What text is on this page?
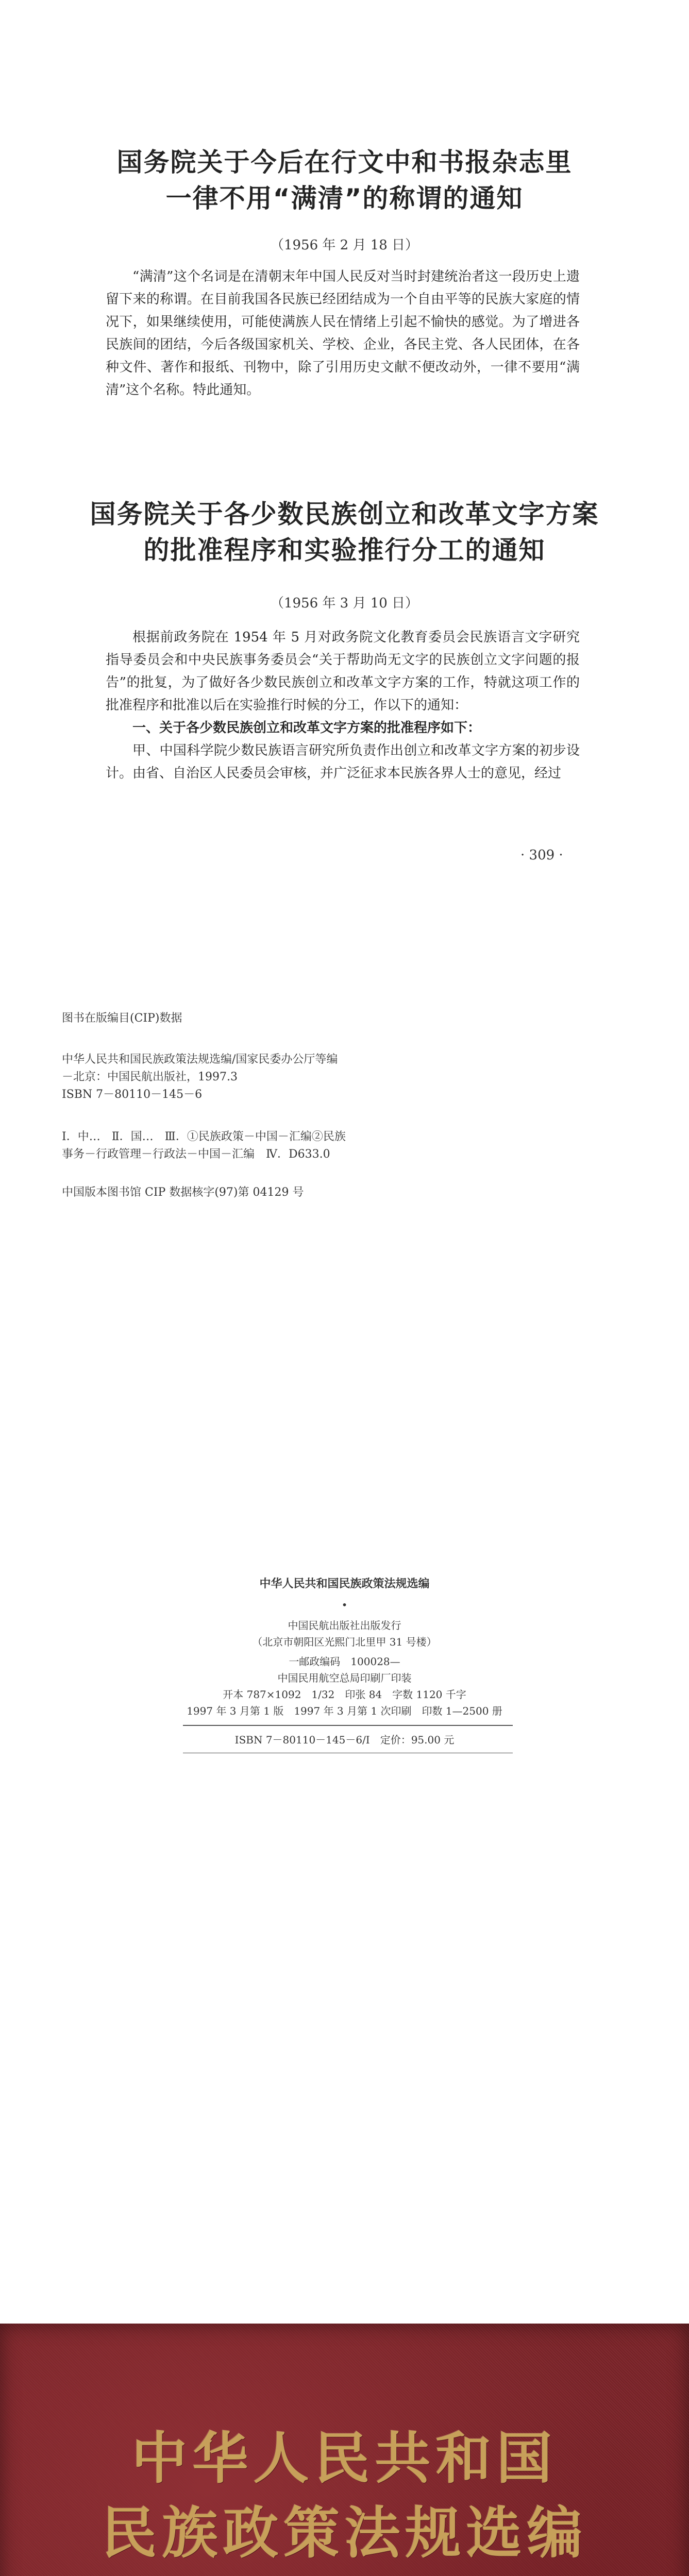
国务院关于今后在行文中和书报杂志里
一律不用“满清”的称谓的通知
（1956 年 2 月 18 日）

“满清”这个名词是在清朝末年中国人民反对当时封建统治者这一段历史上遗留下来的称谓。在目前我国各民族已经团结成为一个自由平等的民族大家庭的情况下，如果继续使用，可能使满族人民在情绪上引起不愉快的感觉。为了增进各民族间的团结，今后各级国家机关、学校、企业，各民主党、各人民团体，在各种文件、著作和报纸、刊物中，除了引用历史文献不便改动外，一律不要用“满清”这个名称。特此通知。

国务院关于各少数民族创立和改革文字方案
的批准程序和实验推行分工的通知
（1956 年 3 月 10 日）

根据前政务院在 1954 年 5 月对政务院文化教育委员会民族语言文字研究指导委员会和中央民族事务委员会“关于帮助尚无文字的民族创立文字问题的报告”的批复，为了做好各少数民族创立和改革文字方案的工作，特就这项工作的批准程序和批准以后在实验推行时候的分工，作以下的通知：

一、关于各少数民族创立和改革文字方案的批准程序如下：

甲、中国科学院少数民族语言研究所负责作出创立和改革文字方案的初步设计。由省、自治区人民委员会审核，并广泛征求本民族各界人士的意见，经过

· 309 ·
图书在版编目(CIP)数据
中华人民共和国民族政策法规选编/国家民委办公厅等编
－北京：中国民航出版社，1997.3
ISBN 7－80110－145－6
Ⅰ．中…　Ⅱ．国…　Ⅲ．①民族政策－中国－汇编②民族
事务－行政管理－行政法－中国－汇编　Ⅳ．D633.0
中国版本图书馆 CIP 数据核字(97)第 04129 号
中华人民共和国民族政策法规选编
•
中国民航出版社出版发行
（北京市朝阳区光熙门北里甲 31 号楼）
一邮政编码　100028—
中国民用航空总局印刷厂印装
开本 787×1092　1/32　印张 84　字数 1120 千字
1997 年 3 月第 1 版　1997 年 3 月第 1 次印刷　印数 1—2500 册
ISBN 7－80110－145－6/I　定价：95.00 元
中华人民共和国
民族政策法规选编
